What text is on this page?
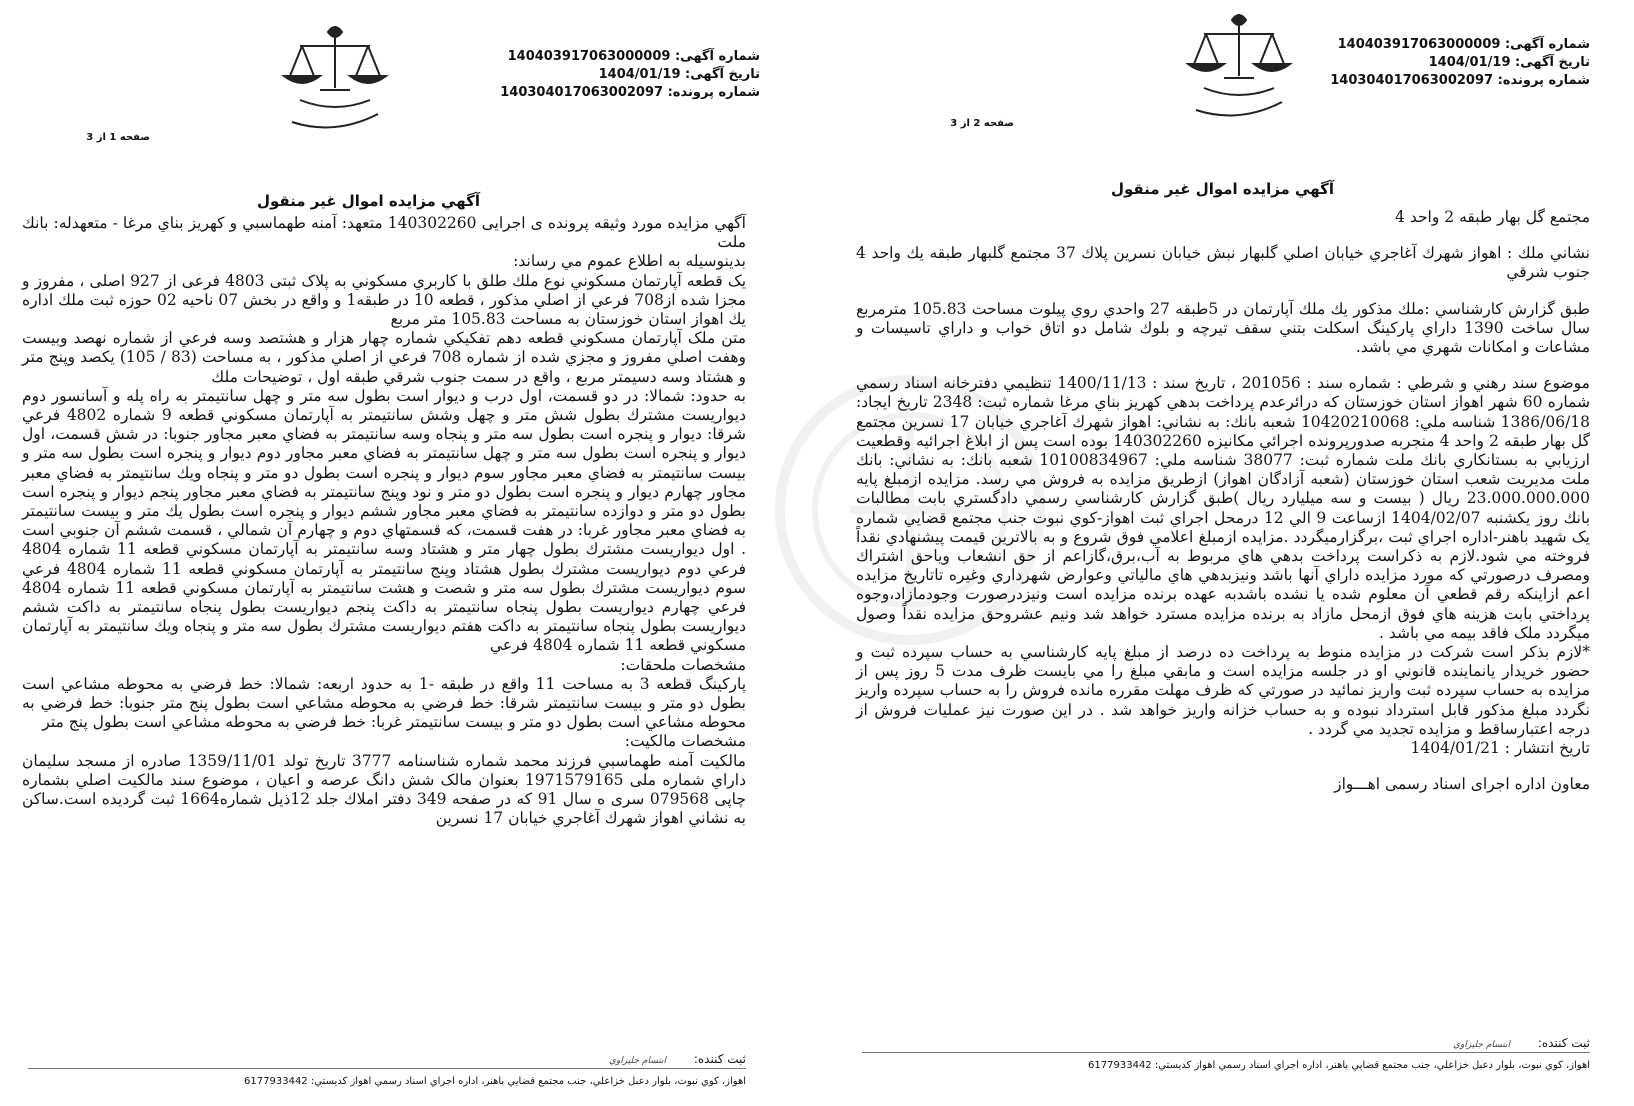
شماره آگهی: 140403917063000009
تاریخ آگهی: 1404/01/19
شماره پرونده: 140304017063002097
صفحه 2 از 3
آگهي مزايده اموال غير منقول

مجتمع گل بهار طبقه 2 واحد 4

نشاني ملك : اهواز شهرك آغاجري خيابان اصلي گلبهار نبش خيابان نسرين پلاك 37 مجتمع گلبهار طبقه يك واحد 4 جنوب شرقي

طبق گزارش كارشناسي :ملك مذكور يك ملك آپارتمان در 5طبقه 27 واحدي روي پيلوت مساحت 105.83 مترمربع سال ساخت 1390 داراي پاركينگ اسكلت بتني سقف تيرچه و بلوك شامل دو اتاق خواب و داراي تاسيسات و مشاعات و امكانات شهري مي باشد.

موضوع سند رهني و شرطي : شماره سند : 201056 ، تاريخ سند : 1400/11/13 تنظيمي دفترخانه اسناد رسمي شماره 60 شهر اهواز استان خوزستان كه درائرعدم پرداخت بدهي كهريز بناي مرغا شماره ثبت: 2348 تاريخ ايجاد: 1386/06/18 شناسه ملي: 10420210068 شعبه بانك: به نشاني: اهواز شهرك آغاجري خيابان 17 نسرين مجتمع گل بهار طبقه 2 واحد 4 منجربه صدورپرونده اجرائي مكانيزه 140302260 بوده است پس از ابلاغ اجرائيه وقطعيت ارزيابي به بستانكاري بانك ملت شماره ثبت: 38077 شناسه ملي: 10100834967 شعبه بانك: به نشاني: بانك ملت مديريت شعب استان خوزستان (شعبه آزادگان اهواز) ازطريق مزايده به فروش مي رسد. مزايده ازمبلغ پايه 23.000.000.000 ريال ( بيست و سه ميليارد ريال )طبق گزارش كارشناسي رسمي دادگستري بابت مطالبات بانك روز يكشنبه 1404/02/07 ازساعت 9 الي 12 درمحل اجراي ثبت اهواز-كوي نبوت جنب مجتمع قضايي شماره يک شهيد باهنر-اداره اجراي ثبت ،برگزارميگردد .مزايده ازمبلغ اعلامي فوق شروع و به بالاترين قيمت پيشنهادي نقداً فروخته مي شود.لازم به ذكراست پرداخت بدهي هاي مربوط به آب،برق،گازاعم از حق انشعاب وياحق اشتراك ومصرف درصورتي كه مورد مزايده داراي آنها باشد ونيزبدهي هاي مالياتي وعوارض شهرداري وغيره تاتاريخ مزايده اعم ازاينكه رقم قطعي آن معلوم شده يا نشده باشدبه عهده برنده مزايده است ونيزدرصورت وجودمازاد،وجوه پرداختي بابت هزينه هاي فوق ازمحل مازاد به برنده مزايده مسترد خواهد شد ونيم عشروحق مزايده نقداً وصول ميگردد ملک فاقد بيمه مي باشد .

*لازم بذكر است شركت در مزايده منوط به پرداخت ده درصد از مبلغ پايه كارشناسي به حساب سپرده ثبت و حضور خريدار يانماينده قانوني او در جلسه مزايده است و مابقي مبلغ را مي بايست ظرف مدت 5 روز پس از مزايده به حساب سپرده ثبت واريز نمائيد در صورتي كه ظرف مهلت مقرره مانده فروش را به حساب سپرده واريز نگردد مبلغ مذكور قابل استرداد نبوده و به حساب خزانه واريز خواهد شد . در اين صورت نيز عمليات فروش از درجه اعتبارساقط و مزايده تجديد مي گردد .

تاريخ انتشار : 1404/01/21

معاون اداره اجرای اسناد رسمی اهـــواز

ثبت کننده: ابتسام جليزاوي
اهواز، کوي نبوت، بلوار دعبل خزاعلي، جنب مجتمع قضايي باهنر، اداره اجراي اسناد رسمي اهواز کديستي: 6177933442
شماره آگهی: 140403917063000009
تاریخ آگهی: 1404/01/19
شماره پرونده: 140304017063002097
صفحه 1 از 3
آگهي مزايده اموال غير منقول

آگهي مزايده مورد وثيقه پرونده ی اجرايی 140302260 متعهد: آمنه طهماسبي و كهريز بناي مرغا - متعهدله: بانك ملت

بدينوسيله به اطلاع عموم مي رساند:

یک قطعه آپارتمان مسكوني نوع ملك طلق با كاربري مسكوني به پلاک ثبتی 4803 فرعی از 927 اصلی ، مفروز و مجزا شده از708 فرعي از اصلي مذكور ، قطعه 10 در طبقه1 و واقع در بخش 07 ناحيه 02 حوزه ثبت ملك اداره يك اهواز استان خوزستان به مساحت 105.83 متر مربع

متن ملک آپارتمان مسكوني قطعه دهم تفكيكي شماره چهار هزار و هشتصد وسه فرعي از شماره نهصد وبيست وهفت اصلي مفروز و مجزي شده از شماره 708 فرعي از اصلي مذكور ، به مساحت (83 / 105) يكصد وپنج متر و هشتاد وسه دسيمتر مربع ، واقع در سمت جنوب شرقي طبقه اول ، توضيحات ملك

به حدود: شمالا: در دو قسمت، اول درب و ديوار است بطول سه متر و چهل سانتيمتر به راه پله و آسانسور دوم ديواريست مشترك بطول شش متر و چهل وشش سانتيمتر به آپارتمان مسكوني قطعه 9 شماره 4802 فرعي شرقا: ديوار و پنجره است بطول سه متر و پنجاه وسه سانتيمتر به فضاي معبر مجاور جنوبا: در شش قسمت، اول ديوار و پنجره است بطول سه متر و چهل سانتيمتر به فضاي معبر مجاور دوم ديوار و پنجره است بطول سه متر و بيست سانتيمتر به فضاي معبر مجاور سوم ديوار و پنجره است بطول دو متر و پنجاه ويك سانتيمتر به فضاي معبر مجاور چهارم ديوار و پنجره است بطول دو متر و نود وپنج سانتيمتر به فضاي معبر مجاور پنجم ديوار و پنجره است بطول دو متر و دوازده سانتيمتر به فضاي معبر مجاور ششم ديوار و پنجره است بطول يك متر و بيست سانتيمتر به فضاي معبر مجاور غربا: در هفت قسمت، كه قسمتهاي دوم و چهارم آن شمالي ، قسمت ششم آن جنوبي است . اول ديواريست مشترك بطول چهار متر و هشتاد وسه سانتيمتر به آپارتمان مسكوني قطعه 11 شماره 4804 فرعي دوم ديواريست مشترك بطول هشتاد وپنج سانتيمتر به آپارتمان مسكوني قطعه 11 شماره 4804 فرعي سوم ديواريست مشترك بطول سه متر و شصت و هشت سانتيمتر به آپارتمان مسكوني قطعه 11 شماره 4804 فرعي چهارم ديواريست بطول پنجاه سانتيمتر به داكت پنجم ديواريست بطول پنجاه سانتيمتر به داكت ششم ديواريست بطول پنجاه سانتيمتر به داكت هفتم ديواريست مشترك بطول سه متر و پنجاه ويك سانتيمتر به آپارتمان مسكوني قطعه 11 شماره 4804 فرعي

مشخصات ملحقات:

پاركينگ قطعه 3 به مساحت 11 واقع در طبقه -1 به حدود اربعه: شمالا: خط فرضي به محوطه مشاعي است بطول دو متر و بيست سانتيمتر شرقا: خط فرضي به محوطه مشاعي است بطول پنج متر جنوبا: خط فرضي به محوطه مشاعي است بطول دو متر و بيست سانتيمتر غربا: خط فرضي به محوطه مشاعي است بطول پنج متر

مشخصات مالكيت:

مالكيت آمنه طهماسبي فرزند محمد شماره شناسنامه 3777 تاريخ تولد 1359/11/01 صادره از مسجد سليمان داراي شماره ملی 1971579165 بعنوان مالک شش دانگ عرصه و اعيان ، موضوع سند مالکيت اصلي بشماره چاپی 079568 سری ه سال 91 كه در صفحه 349 دفتر املاك جلد 12ذيل شماره1664 ثبت گرديده است.ساكن به نشاني اهواز شهرك آغاجري خيابان 17 نسرين

ثبت کننده: ابتسام جليزاوي
اهواز، کوي نبوت، بلوار دعبل خزاعلي، جنب مجتمع قضايي باهنر، اداره اجراي اسناد رسمي اهواز کديستي: 6177933442
